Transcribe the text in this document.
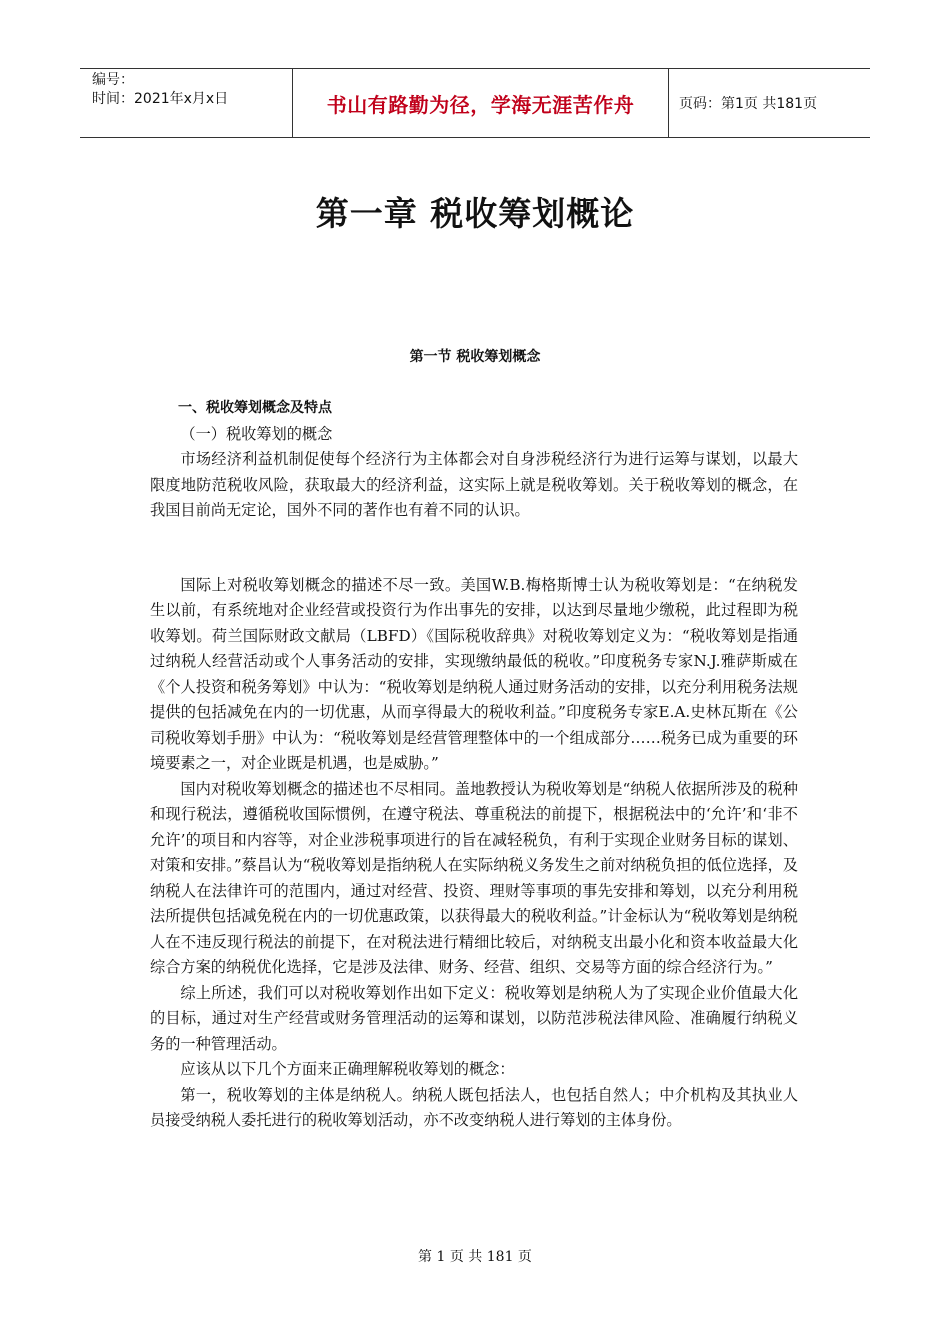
编号：
时间：2021年x月x日	书山有路勤为径，学海无涯苦作舟	页码：第1页 共181页
第一章 税收筹划概论
第一节 税收筹划概念

一、税收筹划概念及特点

（一）税收筹划的概念

市场经济利益机制促使每个经济行为主体都会对自身涉税经济行为进行运筹与谋划，以最大限度地防范税收风险，获取最大的经济利益，这实际上就是税收筹划。关于税收筹划的概念，在我国目前尚无定论，国外不同的著作也有着不同的认识。

国际上对税收筹划概念的描述不尽一致。美国W.B.梅格斯博士认为税收筹划是：“在纳税发生以前，有系统地对企业经营或投资行为作出事先的安排，以达到尽量地少缴税，此过程即为税收筹划。荷兰国际财政文献局（LBFD）《国际税收辞典》对税收筹划定义为：“税收筹划是指通过纳税人经营活动或个人事务活动的安排，实现缴纳最低的税收。”印度税务专家N.J.雅萨斯威在《个人投资和税务筹划》中认为：“税收筹划是纳税人通过财务活动的安排，以充分利用税务法规提供的包括减免在内的一切优惠，从而享得最大的税收利益。”印度税务专家E.A.史林瓦斯在《公司税收筹划手册》中认为：“税收筹划是经营管理整体中的一个组成部分……税务已成为重要的环境要素之一，对企业既是机遇，也是威胁。”

国内对税收筹划概念的描述也不尽相同。盖地教授认为税收筹划是“纳税人依据所涉及的税种和现行税法，遵循税收国际惯例，在遵守税法、尊重税法的前提下，根据税法中的‘允许’和‘非不允许’的项目和内容等，对企业涉税事项进行的旨在减轻税负，有利于实现企业财务目标的谋划、对策和安排。”蔡昌认为“税收筹划是指纳税人在实际纳税义务发生之前对纳税负担的低位选择，及纳税人在法律许可的范围内，通过对经营、投资、理财等事项的事先安排和筹划，以充分利用税法所提供包括减免税在内的一切优惠政策，以获得最大的税收利益。”计金标认为“税收筹划是纳税人在不违反现行税法的前提下，在对税法进行精细比较后，对纳税支出最小化和资本收益最大化综合方案的纳税优化选择，它是涉及法律、财务、经营、组织、交易等方面的综合经济行为。”

综上所述，我们可以对税收筹划作出如下定义：税收筹划是纳税人为了实现企业价值最大化的目标，通过对生产经营或财务管理活动的运筹和谋划，以防范涉税法律风险、准确履行纳税义务的一种管理活动。

应该从以下几个方面来正确理解税收筹划的概念：

第一，税收筹划的主体是纳税人。纳税人既包括法人，也包括自然人；中介机构及其执业人员接受纳税人委托进行的税收筹划活动，亦不改变纳税人进行筹划的主体身份。

第 1 页 共 181 页
